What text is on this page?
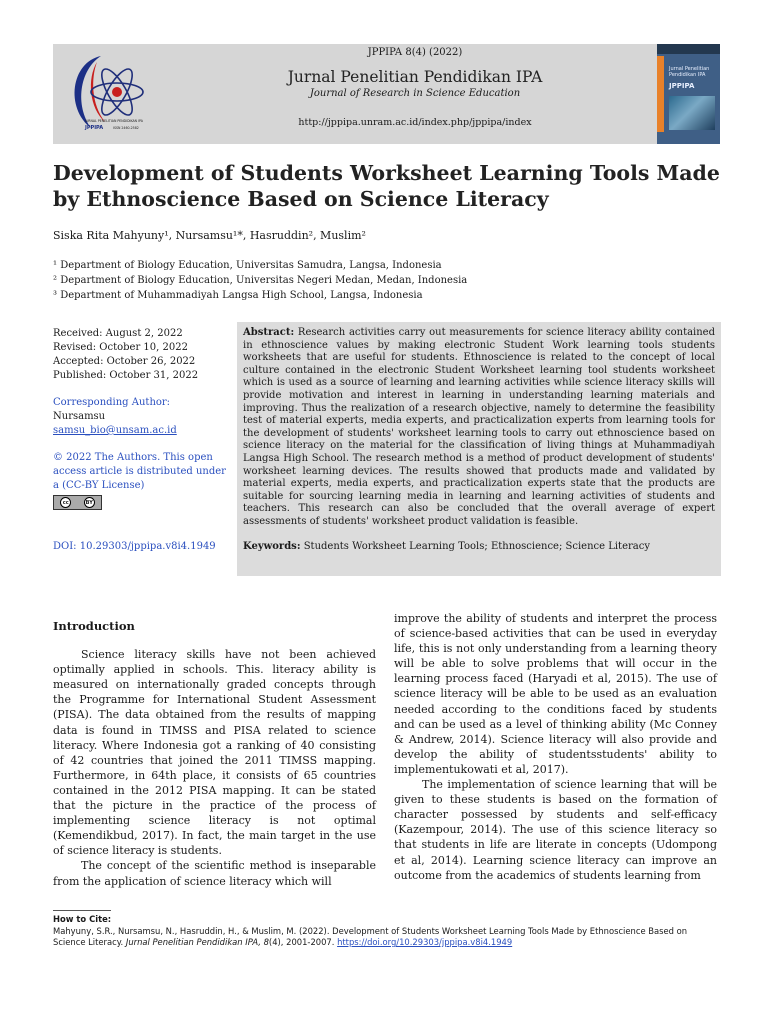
JURNAL PENELITIAN PENDIDIKAN IPA
JPPIPA	ISSN 2460-2582
JPPIPA 8(4) (2022)
Jurnal Penelitian Pendidikan IPA
Journal of Research in Science Education
http://jppipa.unram.ac.id/index.php/jppipa/index
Jurnal Penelitian Pendidikan IPA
JPPIPA
Development of Students Worksheet Learning Tools Made by Ethnoscience Based on Science Literacy
Siska Rita Mahyuny¹, Nursamsu¹*, Hasruddin², Muslim²
¹ Department of Biology Education, Universitas Samudra, Langsa, Indonesia
² Department of Biology Education, Universitas Negeri Medan, Medan, Indonesia
³ Department of Muhammadiyah Langsa High School, Langsa, Indonesia
Received: August 2, 2022
Revised: October 10, 2022
Accepted: October 26, 2022
Published: October 31, 2022
Corresponding Author:
Nursamsu
samsu_bio@unsam.ac.id
© 2022 The Authors. This open access article is distributed under a (CC-BY License)
cc	BY
DOI: 10.29303/jppipa.v8i4.1949
Abstract: Research activities carry out measurements for science literacy ability contained in ethnoscience values by making electronic Student Work learning tools students worksheets that are useful for students. Ethnoscience is related to the concept of local culture contained in the electronic Student Worksheet learning tool students worksheet which is used as a source of learning and learning activities while science literacy skills will provide motivation and interest in learning in understanding learning materials and improving. Thus the realization of a research objective, namely to determine the feasibility test of material experts, media experts, and practicalization experts from learning tools for the development of students' worksheet learning tools to carry out ethnoscience based on science literacy on the material for the classification of living things at Muhammadiyah Langsa High School. The research method is a method of product development of students' worksheet learning devices. The results showed that products made and validated by material experts, media experts, and practicalization experts state that the products are suitable for sourcing learning media in learning and learning activities of students and teachers. This research can also be concluded that the overall average of expert assessments of students' worksheet product validation is feasible.
Keywords: Students Worksheet Learning Tools; Ethnoscience; Science Literacy
Introduction

Science literacy skills have not been achieved optimally applied in schools. This. literacy ability is measured on internationally graded concepts through the Programme for International Student Assessment (PISA). The data obtained from the results of mapping data is found in TIMSS and PISA related to science literacy. Where Indonesia got a ranking of 40 consisting of 42 countries that joined the 2011 TIMSS mapping. Furthermore, in 64th place, it consists of 65 countries contained in the 2012 PISA mapping. It can be stated that the picture in the practice of the process of implementing science literacy is not optimal (Kemendikbud, 2017). In fact, the main target in the use of science literacy is students.

The concept of the scientific method is inseparable from the application of science literacy which will

improve the ability of students and interpret the process of science-based activities that can be used in everyday life, this is not only understanding from a learning theory will be able to solve problems that will occur in the learning process faced (Haryadi et al, 2015). The use of science literacy will be able to be used as an evaluation needed according to the conditions faced by students and can be used as a level of thinking ability (Mc Conney & Andrew, 2014). Science literacy will also provide and develop the ability of studentsstudents' ability to implementukowati et al, 2017).

The implementation of science learning that will be given to these students is based on the formation of character possessed by students and self-efficacy (Kazempour, 2014). The use of this science literacy so that students in life are literate in concepts (Udompong et al, 2014). Learning science literacy can improve an outcome from the academics of students learning from

How to Cite:
Mahyuny, S.R., Nursamsu, N., Hasruddin, H., & Muslim, M. (2022). Development of Students Worksheet Learning Tools Made by Ethnoscience Based on Science Literacy. Jurnal Penelitian Pendidikan IPA, 8(4), 2001-2007. https://doi.org/10.29303/jppipa.v8i4.1949
